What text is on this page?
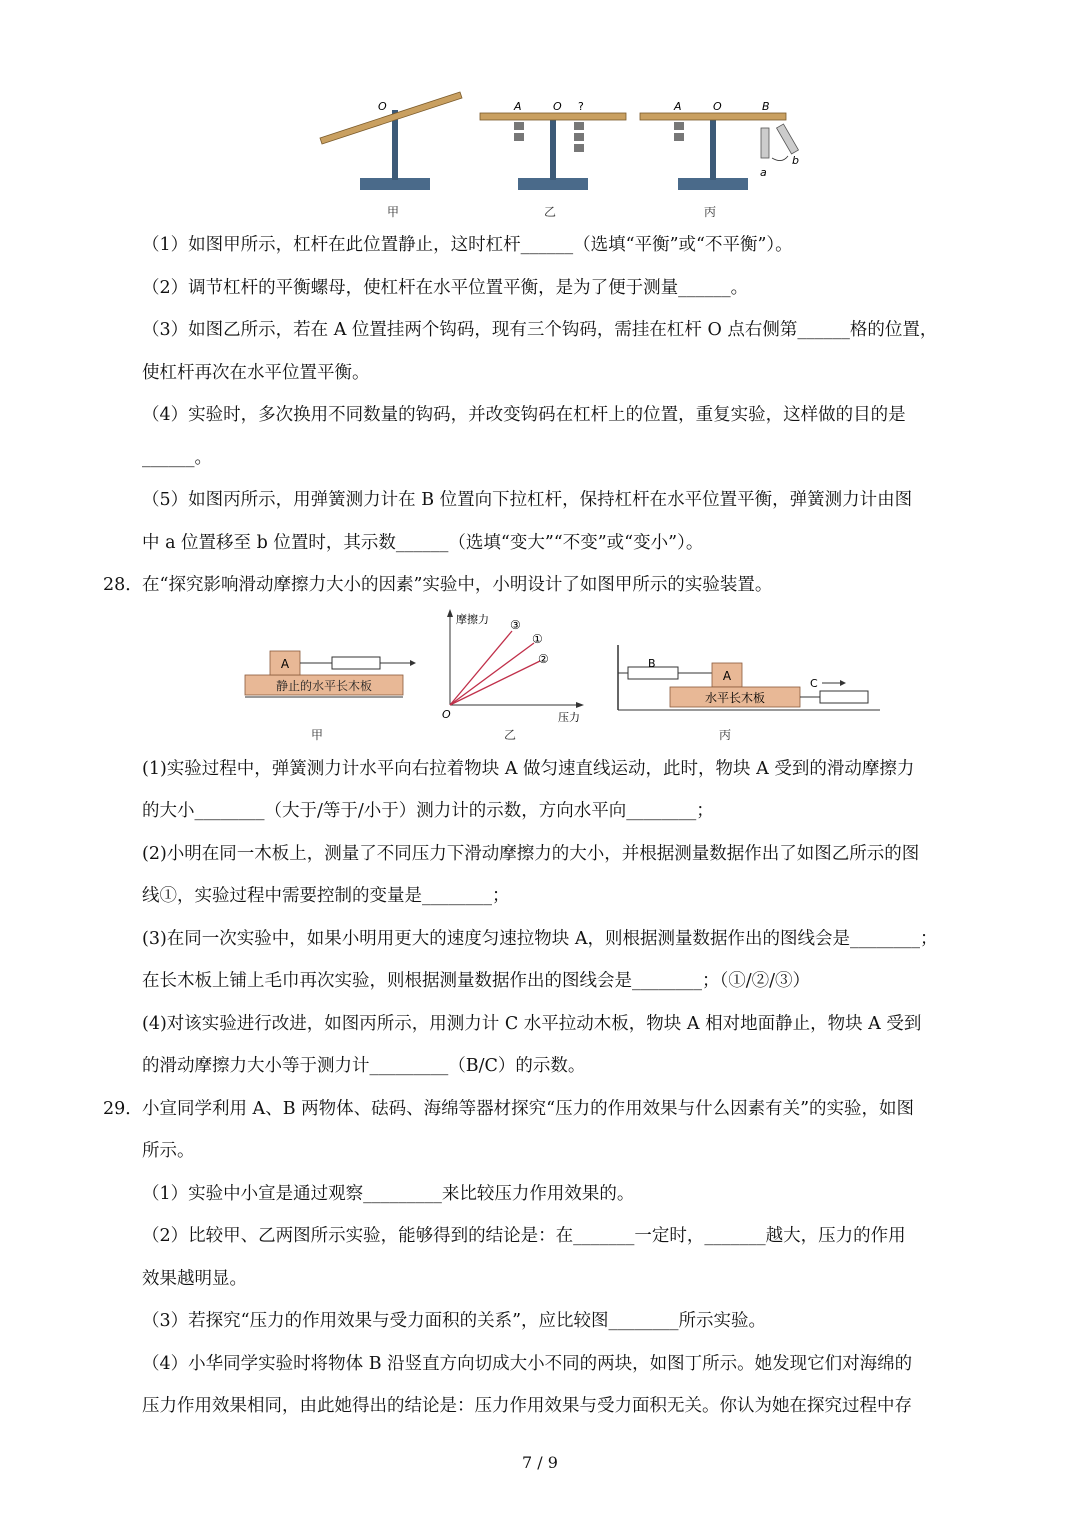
O	A	O ?	A	O	B
a
b
甲	乙	丙
（1）如图甲所示，杠杆在此位置静止，这时杠杆______（选填“平衡”或“不平衡”）。
（2）调节杠杆的平衡螺母，使杠杆在水平位置平衡，是为了便于测量______。
（3）如图乙所示，若在 A 位置挂两个钩码，现有三个钩码，需挂在杠杆 O 点右侧第______格的位置，
使杠杆再次在水平位置平衡。
（4）实验时，多次换用不同数量的钩码，并改变钩码在杠杆上的位置，重复实验，这样做的目的是
______。
（5）如图丙所示，用弹簧测力计在 B 位置向下拉杠杆，保持杠杆在水平位置平衡，弹簧测力计由图
中 a 位置移至 b 位置时，其示数______（选填“变大”“不变”或“变小”）。
28． 在“探究影响滑动摩擦力大小的因素”实验中，小明设计了如图甲所示的实验装置。
静止的水平长木板
A
摩擦力
压力
O
③
①
②	B
A
水平长木板
C
甲	乙	丙
(1)实验过程中，弹簧测力计水平向右拉着物块 A 做匀速直线运动，此时，物块 A 受到的滑动摩擦力
的大小________（大于/等于/小于）测力计的示数，方向水平向________；
(2)小明在同一木板上，测量了不同压力下滑动摩擦力的大小，并根据测量数据作出了如图乙所示的图
线①，实验过程中需要控制的变量是________；
(3)在同一次实验中，如果小明用更大的速度匀速拉物块 A，则根据测量数据作出的图线会是________；
在长木板上铺上毛巾再次实验，则根据测量数据作出的图线会是________；（①/②/③）
(4)对该实验进行改进，如图丙所示，用测力计 C 水平拉动木板，物块 A 相对地面静止，物块 A 受到
的滑动摩擦力大小等于测力计_________（B/C）的示数。
29． 小宣同学利用 A、B 两物体、砝码、海绵等器材探究“压力的作用效果与什么因素有关”的实验，如图
所示。
（1）实验中小宣是通过观察_________来比较压力作用效果的。
（2）比较甲、乙两图所示实验，能够得到的结论是：在_______一定时，_______越大，压力的作用
效果越明显。
（3）若探究“压力的作用效果与受力面积的关系”，应比较图________所示实验。
（4）小华同学实验时将物体 B 沿竖直方向切成大小不同的两块，如图丁所示。她发现它们对海绵的
压力作用效果相同，由此她得出的结论是：压力作用效果与受力面积无关。你认为她在探究过程中存
7 / 9
